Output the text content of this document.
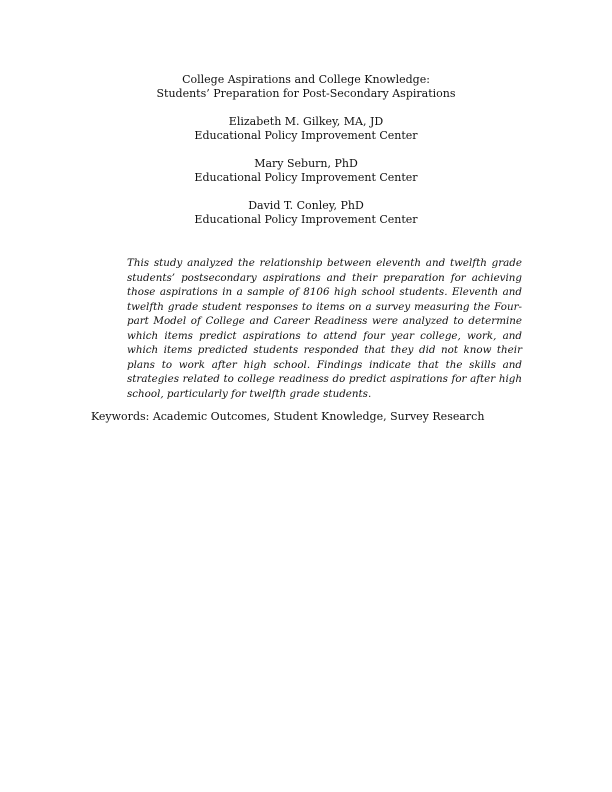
College Aspirations and College Knowledge:
Students’ Preparation for Post-Secondary Aspirations
Elizabeth M. Gilkey, MA, JD
Educational Policy Improvement Center
Mary Seburn, PhD
Educational Policy Improvement Center
David T. Conley, PhD
Educational Policy Improvement Center

This study analyzed the relationship between eleventh and twelfth grade students’ postsecondary aspirations and their preparation for achieving those aspirations in a sample of 8106 high school students. Eleventh and twelfth grade student responses to items on a survey measuring the Four-part Model of College and Career Readiness were analyzed to determine which items predict aspirations to attend four year college, work, and which items predicted students responded that they did not know their plans to work after high school. Findings indicate that the skills and strategies related to college readiness do predict aspirations for after high school, particularly for twelfth grade students.

Keywords: Academic Outcomes, Student Knowledge, Survey Research
